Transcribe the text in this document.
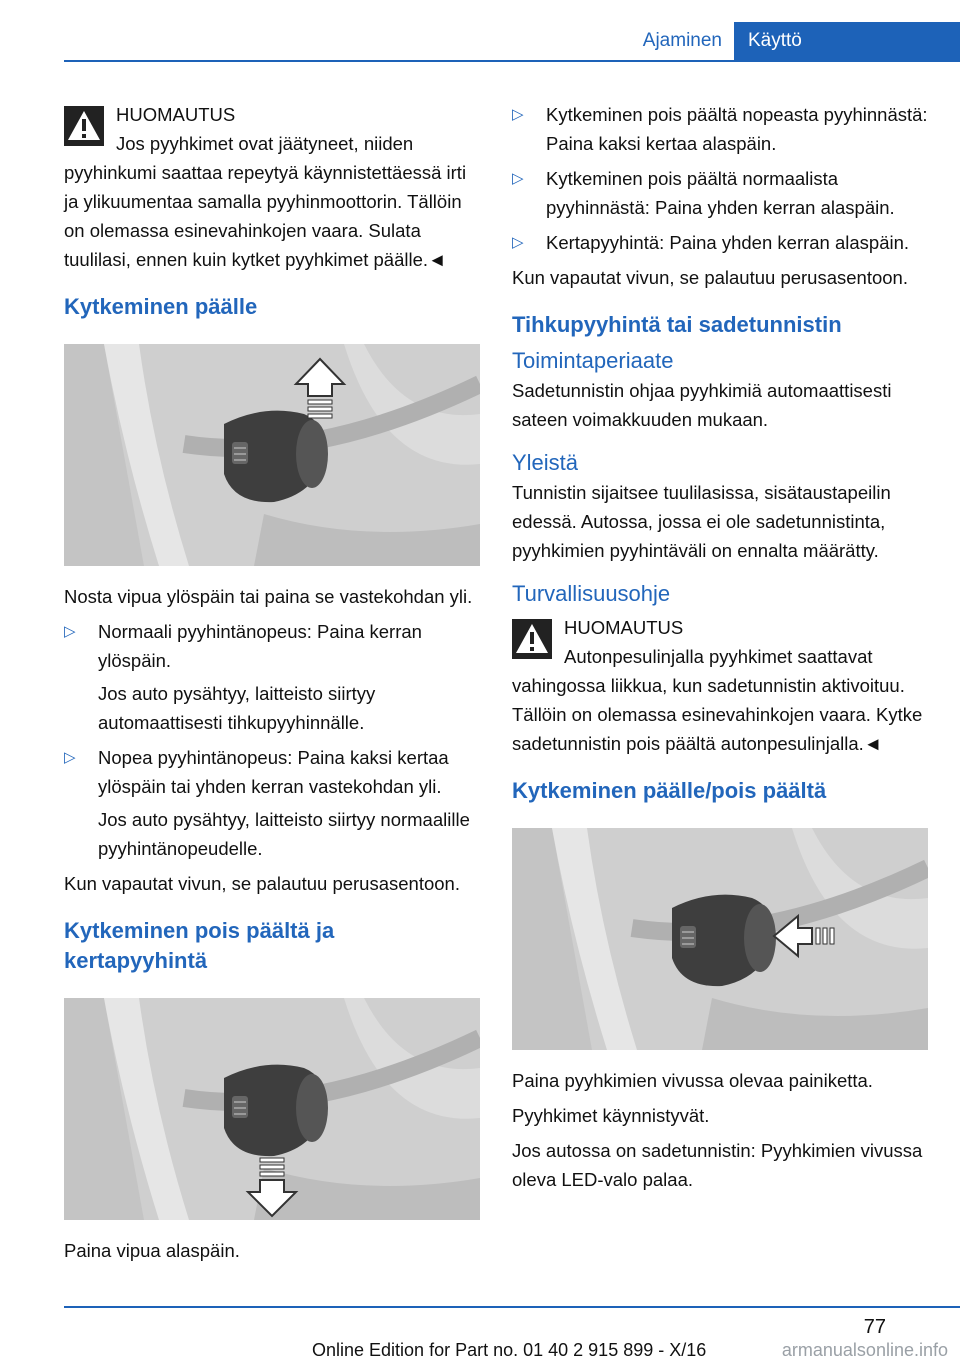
Ajaminen	Käyttö
HUOMAUTUS
Jos pyyhkimet ovat jäätyneet, niiden pyyhinkumi saattaa repeytyä käynnistettäessä irti ja ylikuumentaa samalla pyyhinmoottorin. Tällöin on olemassa esinevahinkojen vaara. Sulata tuulilasi, ennen kuin kytket pyyhkimet päälle.◄
Kytkeminen päälle

Nosta vipua ylöspäin tai paina se vastekohdan yli.

▷ Normaali pyyhintänopeus: Paina kerran ylöspäin.
Jos auto pysähtyy, laitteisto siirtyy automaattisesti tihkupyyhinnälle.
▷ Nopea pyyhintänopeus: Paina kaksi kertaa ylöspäin tai yhden kerran vastekohdan yli.
Jos auto pysähtyy, laitteisto siirtyy normaalille pyyhintänopeudelle.

Kun vapautat vivun, se palautuu perusasentoon.

Kytkeminen pois päältä ja kertapyyhintä

Paina vipua alaspäin.

▷ Kytkeminen pois päältä nopeasta pyyhinnästä: Paina kaksi kertaa alaspäin.
▷ Kytkeminen pois päältä normaalista pyyhinnästä: Paina yhden kerran alaspäin.
▷ Kertapyyhintä: Paina yhden kerran alaspäin.

Kun vapautat vivun, se palautuu perusasentoon.

Tihkupyyhintä tai sadetunnistin
Toimintaperiaate

Sadetunnistin ohjaa pyyhkimiä automaattisesti sateen voimakkuuden mukaan.

Yleistä

Tunnistin sijaitsee tuulilasissa, sisätaustapeilin edessä. Autossa, jossa ei ole sadetunnistinta, pyyhkimien pyyhintäväli on ennalta määrätty.

Turvallisuusohje
HUOMAUTUS
Autonpesulinjalla pyyhkimet saattavat vahingossa liikkua, kun sadetunnistin aktivoituu. Tällöin on olemassa esinevahinkojen vaara. Kytke sadetunnistin pois päältä autonpesulinjalla.◄
Kytkeminen päälle/pois päältä

Paina pyyhkimien vivussa olevaa painiketta.

Pyyhkimet käynnistyvät.

Jos autossa on sadetunnistin: Pyyhkimien vivussa oleva LED-valo palaa.

77
Online Edition for Part no. 01 40 2 915 899 - X/16	armanualsonline.info
